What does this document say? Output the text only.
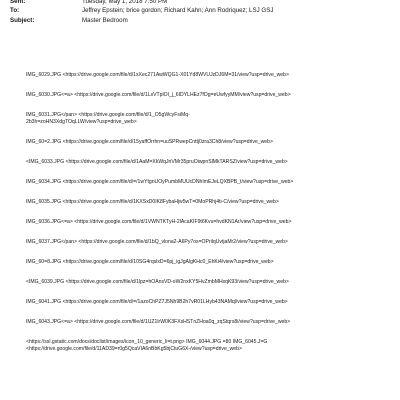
Sent:	Tuesday, May 1, 2018 7:50 PM
To:	Jeffrey Epstein; brice gordon; Richard Kahn; Ann Rodriquez; LSJ GSJ
Subject:	Master Bedroom
IMG_6029.JPG <https://drive.google.com/file/d/1xXec271AwWQG1-X01Yd8WVUJzDJ6M=31/view?usp=drive_web>
IMG_6030.JPG<=a> <https://drive.google.com/file/d/1LsVTplOI_j_6IDYLHEz7fOg=eUwfyyMM/view?usp=drive_web>
IMG_6031.JPG</pan> <https://drive.google.com/file/d/1_O5gWcyFsiMq-
2b3h=zoHN3XdgTOqLLW/view?usp=drive_web>
IMG_60=2.JPG <https://drive.google.com/file/d/15yaffOrrhn=uuSPRwepCnttj0zra3Ch8/view?usp=drive_web>
<IMG_6033.JPG <https://drive.google.com/file/d/1AaM=XkWqJnVMr35pruOiwpnSlMkTARSZ/view?usp=drive_web>
IMG_6034.JPG <https://drive.google.com/file/d/=/1wYtgnUOyPumbMUUcDNhImEJeLQXBPB_t/view?usp=drive_web>
IMG_6035.JPG <https://drive.google.com/file/d/1KXSxD0IK8FybaHjw5wT=0MoPRhj4ti-C/view?usp=drive_web>
IMG_6036.JPG<=a> <https://drive.google.com/file/d/1VWNTKTyH-2lAcaKIF9t6Kvu=hvdKN1Ar/view?usp=drive_web>
IMG_6037.JPG</pan> <https://drive.google.com/file/d/1bQ_vlona2-A6Py7os=OPrilqUvtjaMr2/view?usp=drive_web>
IMG_60=8.JPG <https://drive.google.com/file/d/10SG4rqslxD=6pj_igJgAlgKHc0_EhKi4/view?usp=drive_web>
<IMG_6039.JPG <https://drive.google.com/file/d/1lpz=hOAnsVD-oW2nxKY5HvZmbMHxqK93/view?usp=drive_web>
IMG_6041.JPG <https://drive.google.com/file/d/=/1azoChPZ7J5Nh9B2h7vR01LHyb43NAMql/view?usp=drive_web>
IMG_6043.JPG<=a> <https://drive.google.com/file/d/1UZ1lrW0K3FXsHSTnZHoa0q_zqStqrs8i/view?usp=drive_web>
<https://ssl.gstatic.com/docs/doclist/images/icon_10_generic_li=t.png> IMG_6044.JPG =80 IMG_6045.J=G
<https://drive.google.com/file/d/11AD39=r0g5QcaVIA6nBbKg5bjCtuG6X-/view?usp=drive_web>
